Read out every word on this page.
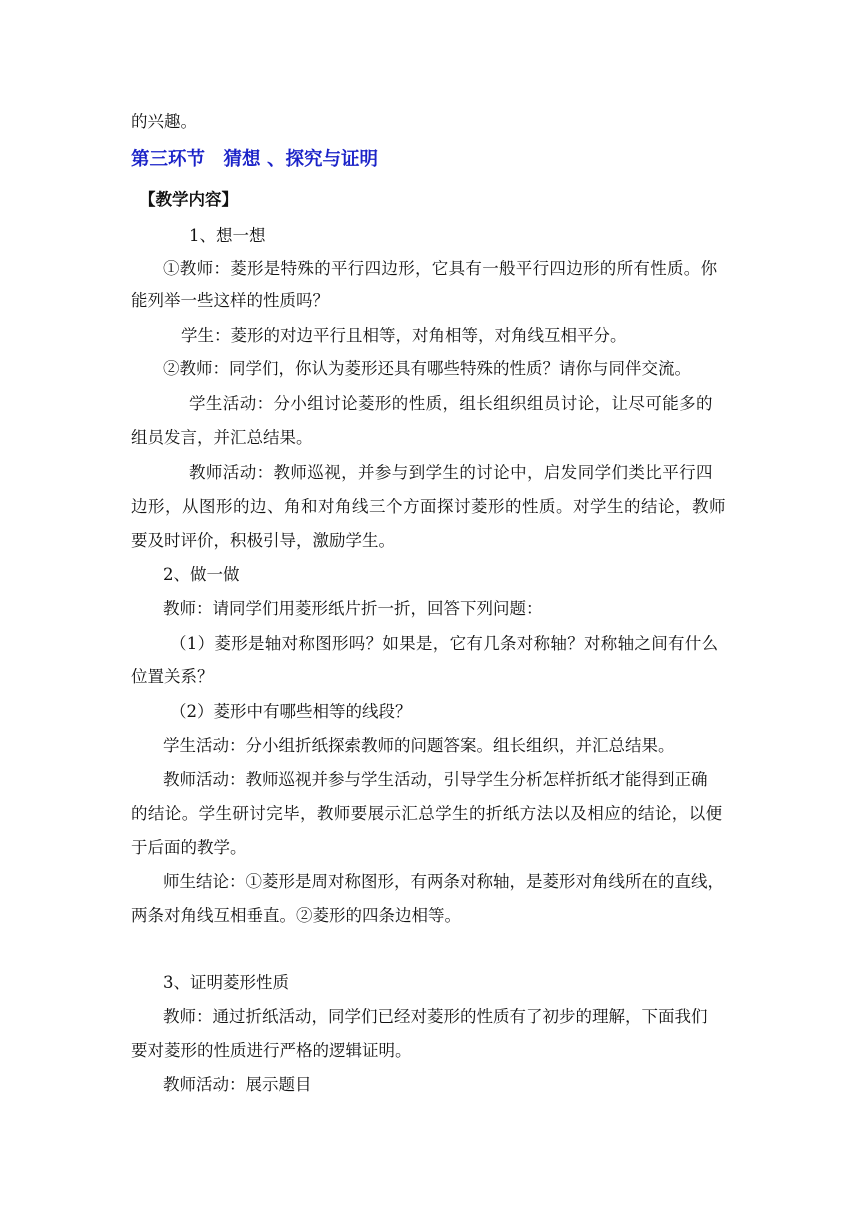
的兴趣。
第三环节　猜想 、探究与证明
【教学内容】
1、想一想
①教师：菱形是特殊的平行四边形，它具有一般平行四边形的所有性质。你
能列举一些这样的性质吗？
学生：菱形的对边平行且相等，对角相等，对角线互相平分。
②教师：同学们，你认为菱形还具有哪些特殊的性质？请你与同伴交流。
学生活动：分小组讨论菱形的性质，组长组织组员讨论，让尽可能多的
组员发言，并汇总结果。
教师活动：教师巡视，并参与到学生的讨论中，启发同学们类比平行四
边形，从图形的边、角和对角线三个方面探讨菱形的性质。对学生的结论，教师
要及时评价，积极引导，激励学生。
2、做一做
教师：请同学们用菱形纸片折一折，回答下列问题：
（1）菱形是轴对称图形吗？如果是，它有几条对称轴？对称轴之间有什么
位置关系？
（2）菱形中有哪些相等的线段？
学生活动：分小组折纸探索教师的问题答案。组长组织，并汇总结果。
教师活动：教师巡视并参与学生活动，引导学生分析怎样折纸才能得到正确
的结论。学生研讨完毕，教师要展示汇总学生的折纸方法以及相应的结论，以便
于后面的教学。
师生结论：①菱形是周对称图形，有两条对称轴，是菱形对角线所在的直线，
两条对角线互相垂直。②菱形的四条边相等。
3、证明菱形性质
教师：通过折纸活动，同学们已经对菱形的性质有了初步的理解，下面我们
要对菱形的性质进行严格的逻辑证明。
教师活动：展示题目
